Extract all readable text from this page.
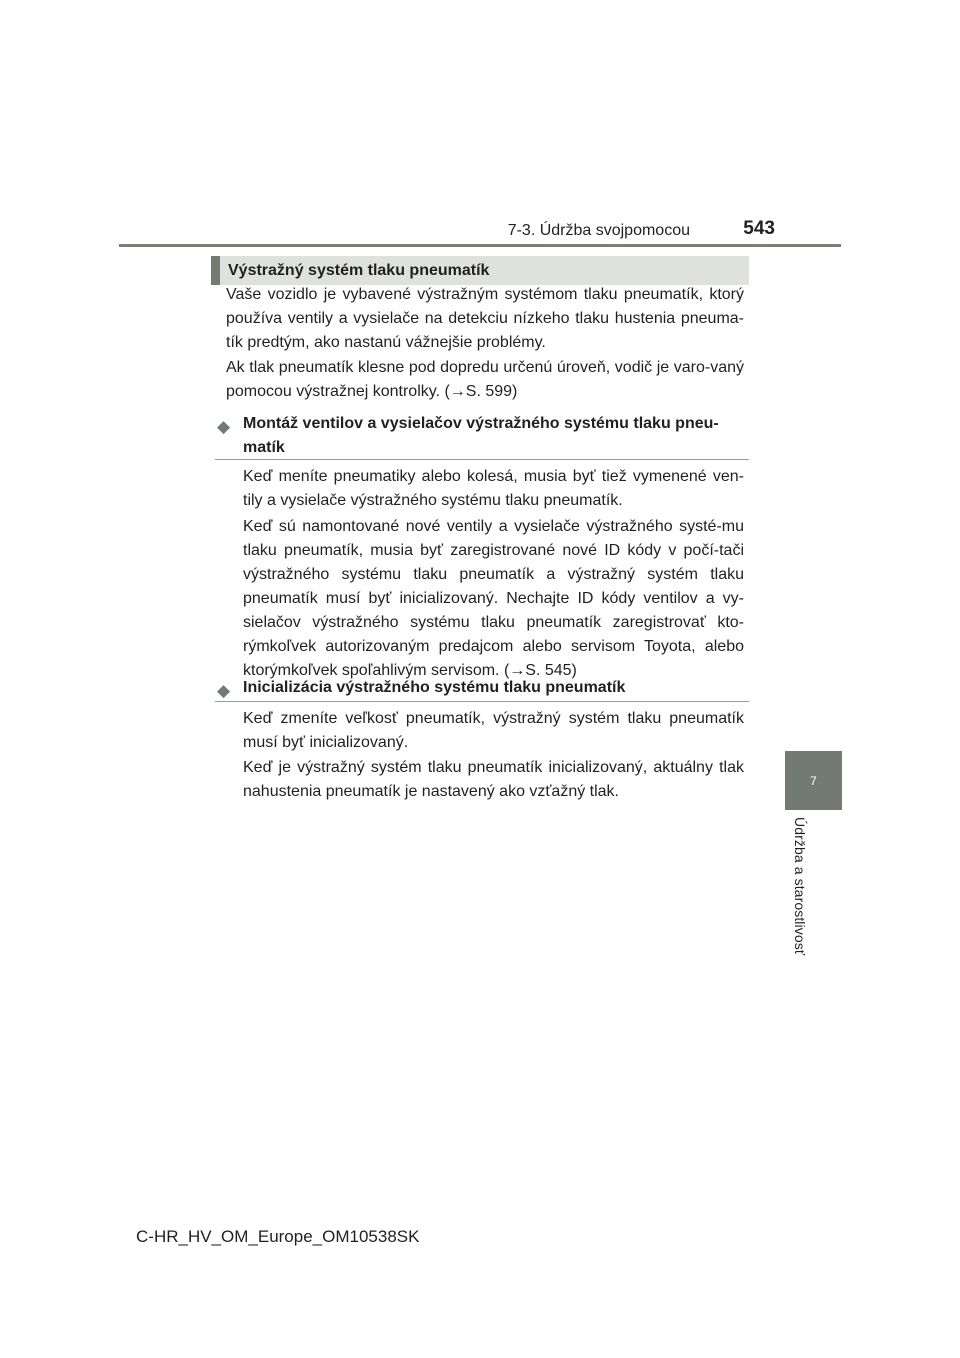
7-3. Údržba svojpomocou	543
7
Údržba a starostlivosť
Výstražný systém tlaku pneumatík

Vaše vozidlo je vybavené výstražným systémom tlaku pneumatík, ktorý používa ventily a vysielače na detekciu nízkeho tlaku hustenia pneuma-tík predtým, ako nastanú vážnejšie problémy.

Ak tlak pneumatík klesne pod dopredu určenú úroveň, vodič je varo-vaný pomocou výstražnej kontrolky. (→S. 599)

◆ Montáž ventilov a vysielačov výstražného systému tlaku pneu-matík

Keď meníte pneumatiky alebo kolesá, musia byť tiež vymenené ven-tily a vysielače výstražného systému tlaku pneumatík.

Keď sú namontované nové ventily a vysielače výstražného systé-mu tlaku pneumatík, musia byť zaregistrované nové ID kódy v počí-tači výstražného systému tlaku pneumatík a výstražný systém tlaku pneumatík musí byť inicializovaný. Nechajte ID kódy ventilov a vy-sielačov výstražného systému tlaku pneumatík zaregistrovať kto-rýmkoľvek autorizovaným predajcom alebo servisom Toyota, alebo ktorýmkoľvek spoľahlivým servisom. (→S. 545)

◆ Inicializácia výstražného systému tlaku pneumatík

Keď zmeníte veľkosť pneumatík, výstražný systém tlaku pneumatík musí byť inicializovaný.

Keď je výstražný systém tlaku pneumatík inicializovaný, aktuálny tlak nahustenia pneumatík je nastavený ako vzťažný tlak.

C-HR_HV_OM_Europe_OM10538SK
